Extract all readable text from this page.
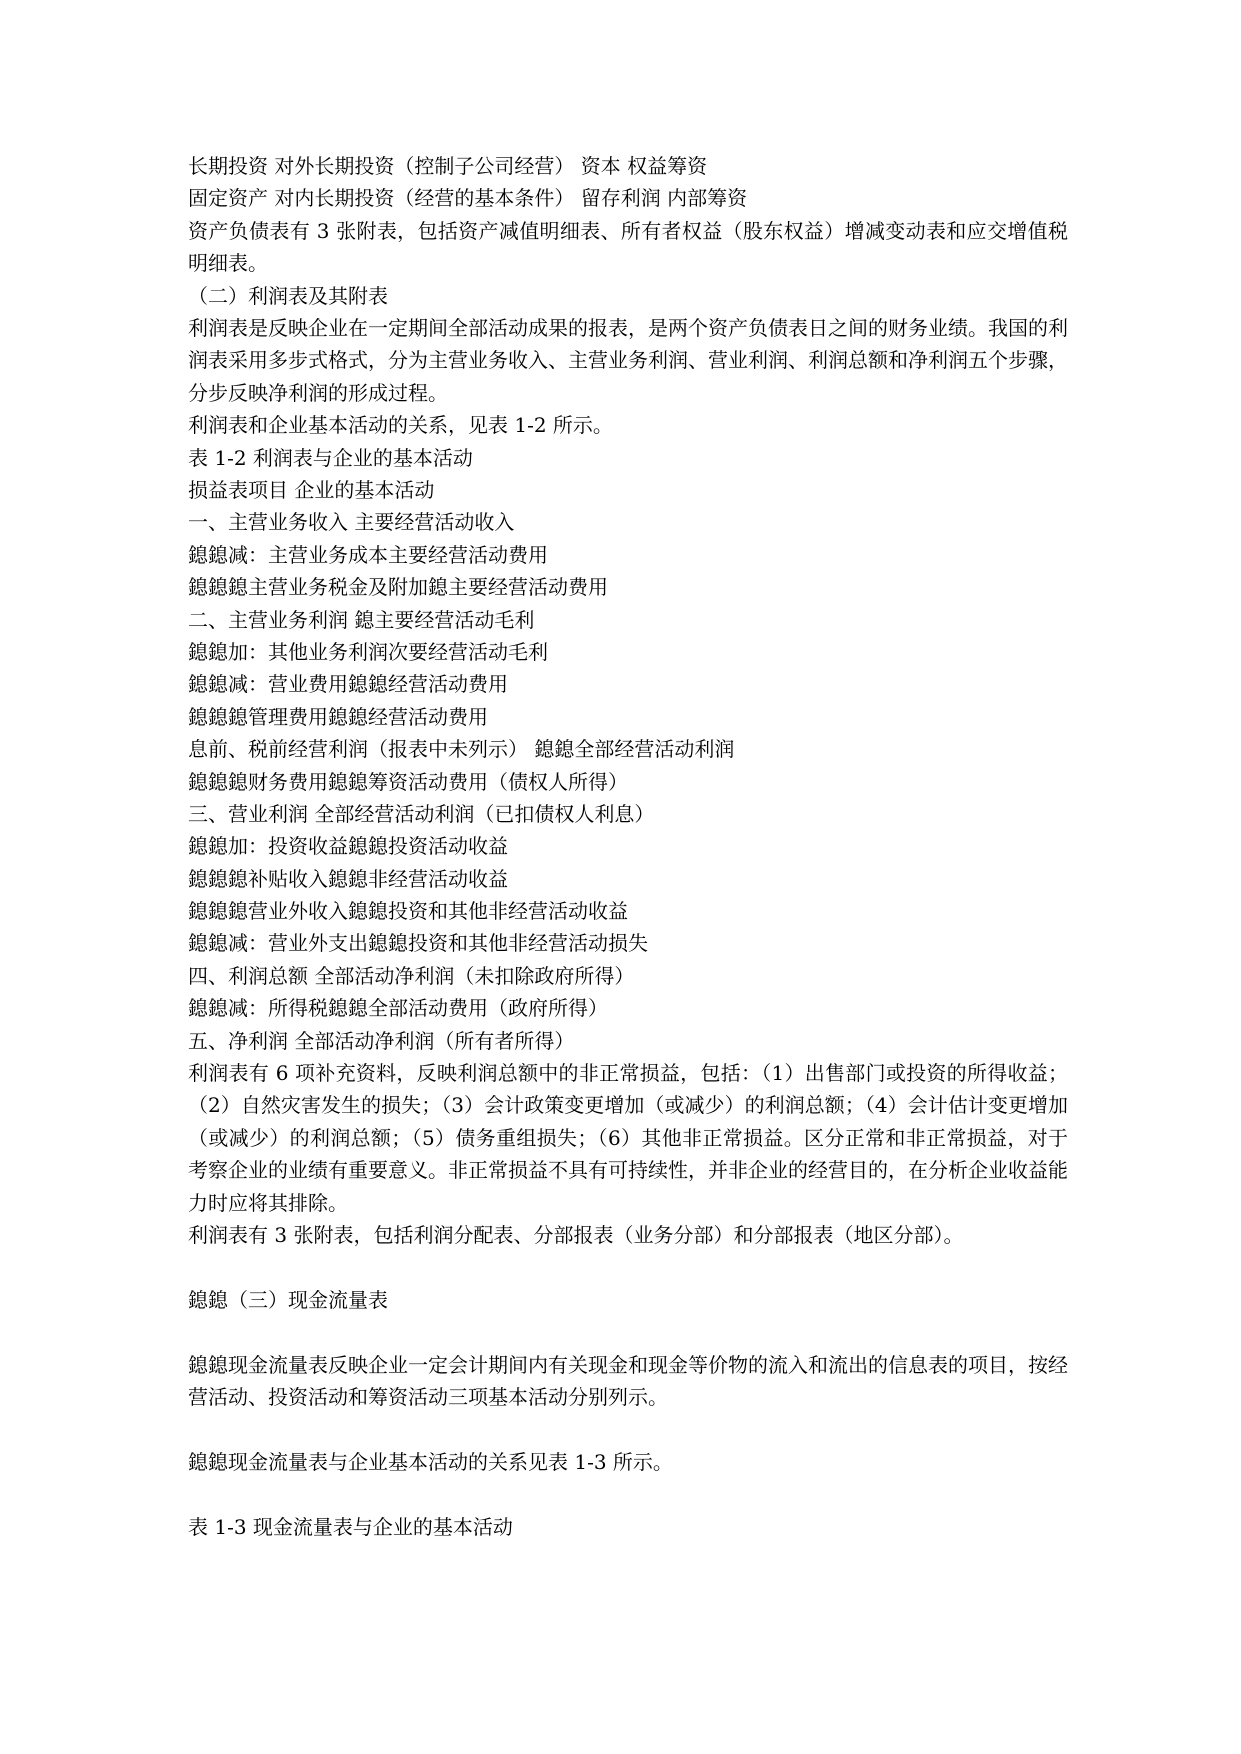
长期投资 对外长期投资（控制子公司经营） 资本 权益筹资
固定资产 对内长期投资（经营的基本条件） 留存利润 内部筹资
资产负债表有 3 张附表，包括资产减值明细表、所有者权益（股东权益）增减变动表和应交增值税明细表。
（二）利润表及其附表
利润表是反映企业在一定期间全部活动成果的报表，是两个资产负债表日之间的财务业绩。我国的利润表采用多步式格式，分为主营业务收入、主营业务利润、营业利润、利润总额和净利润五个步骤，分步反映净利润的形成过程。
利润表和企业基本活动的关系，见表 1-2 所示。
表 1-2 利润表与企业的基本活动
损益表项目 企业的基本活动
一、主营业务收入 主要经营活动收入
鎴鎴减：主营业务成本主要经营活动费用
鎴鎴鎴主营业务税金及附加鎴主要经营活动费用
二、主营业务利润 鎴主要经营活动毛利
鎴鎴加：其他业务利润次要经营活动毛利
鎴鎴减：营业费用鎴鎴经营活动费用
鎴鎴鎴管理费用鎴鎴经营活动费用
息前、税前经营利润（报表中未列示） 鎴鎴全部经营活动利润
鎴鎴鎴财务费用鎴鎴筹资活动费用（债权人所得）
三、营业利润 全部经营活动利润（已扣债权人利息）
鎴鎴加：投资收益鎴鎴投资活动收益
鎴鎴鎴补贴收入鎴鎴非经营活动收益
鎴鎴鎴营业外收入鎴鎴投资和其他非经营活动收益
鎴鎴减：营业外支出鎴鎴投资和其他非经营活动损失
四、利润总额 全部活动净利润（未扣除政府所得）
鎴鎴减：所得税鎴鎴全部活动费用（政府所得）
五、净利润 全部活动净利润（所有者所得）
利润表有 6 项补充资料，反映利润总额中的非正常损益，包括：（1）出售部门或投资的所得收益；（2）自然灾害发生的损失；（3）会计政策变更增加（或减少）的利润总额；（4）会计估计变更增加（或减少）的利润总额；（5）债务重组损失；（6）其他非正常损益。区分正常和非正常损益，对于考察企业的业绩有重要意义。非正常损益不具有可持续性，并非企业的经营目的，在分析企业收益能力时应将其排除。
利润表有 3 张附表，包括利润分配表、分部报表（业务分部）和分部报表（地区分部）。
鎴鎴（三）现金流量表
鎴鎴现金流量表反映企业一定会计期间内有关现金和现金等价物的流入和流出的信息表的项目，按经营活动、投资活动和筹资活动三项基本活动分别列示。
鎴鎴现金流量表与企业基本活动的关系见表 1-3 所示。
表 1-3 现金流量表与企业的基本活动
